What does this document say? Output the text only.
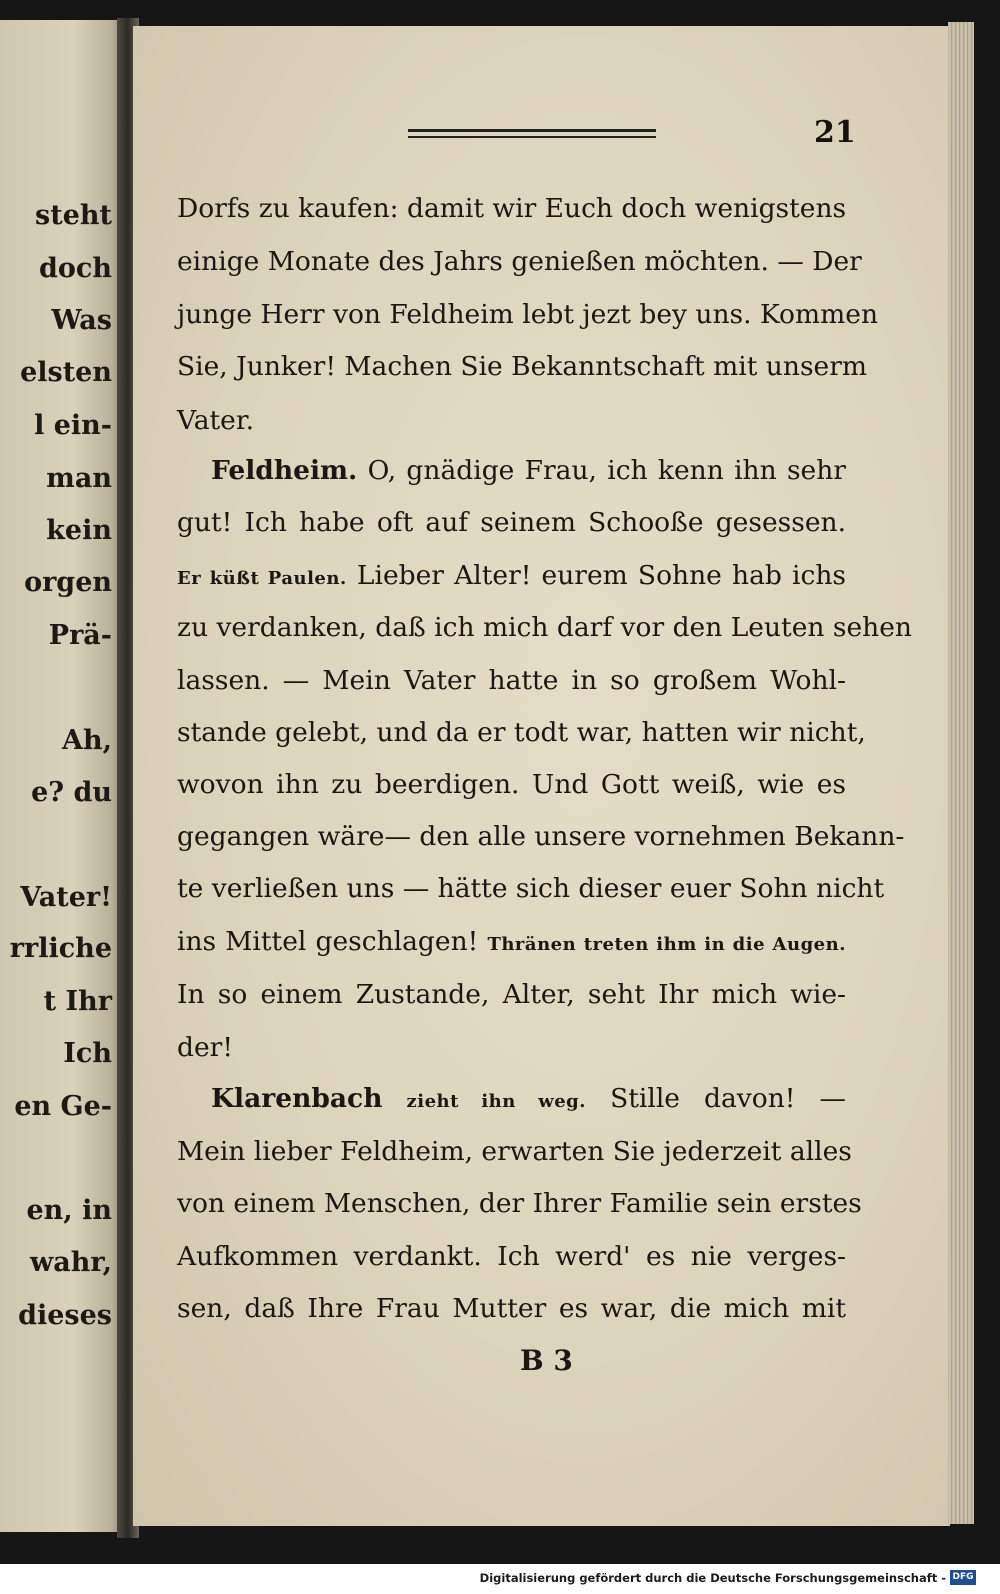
steht
doch
Was
elsten
l ein-
man
kein
orgen
Prä-
Ah,
e? du
Vater!
rrliche
t Ihr
Ich
en Ge-
en, in
wahr,
dieses
21
Dorfs zu kaufen: damit wir Euch doch wenigstens
einige Monate des Jahrs genießen möchten. — Der
junge Herr von Feldheim lebt jezt bey uns. Kommen
Sie, Junker! Machen Sie Bekanntschaft mit unserm
Vater.
Feldheim. O, gnädige Frau, ich kenn ihn sehr
gut! Ich habe oft auf seinem Schooße gesessen.
Er küßt Paulen. Lieber Alter! eurem Sohne hab ichs
zu verdanken, daß ich mich darf vor den Leuten sehen
lassen. — Mein Vater hatte in so großem Wohl-
stande gelebt, und da er todt war, hatten wir nicht,
wovon ihn zu beerdigen. Und Gott weiß, wie es
gegangen wäre— den alle unsere vornehmen Bekann-
te verließen uns — hätte sich dieser euer Sohn nicht
ins Mittel geschlagen! Thränen treten ihm in die Augen.
In so einem Zustande, Alter, seht Ihr mich wie-
der!
Klarenbach zieht ihn weg. Stille davon! —
Mein lieber Feldheim, erwarten Sie jederzeit alles
von einem Menschen, der Ihrer Familie sein erstes
Aufkommen verdankt. Ich werd' es nie verges-
sen, daß Ihre Frau Mutter es war, die mich mit
B 3
Digitalisierung gefördert durch die Deutsche Forschungsgemeinschaft - DFG
